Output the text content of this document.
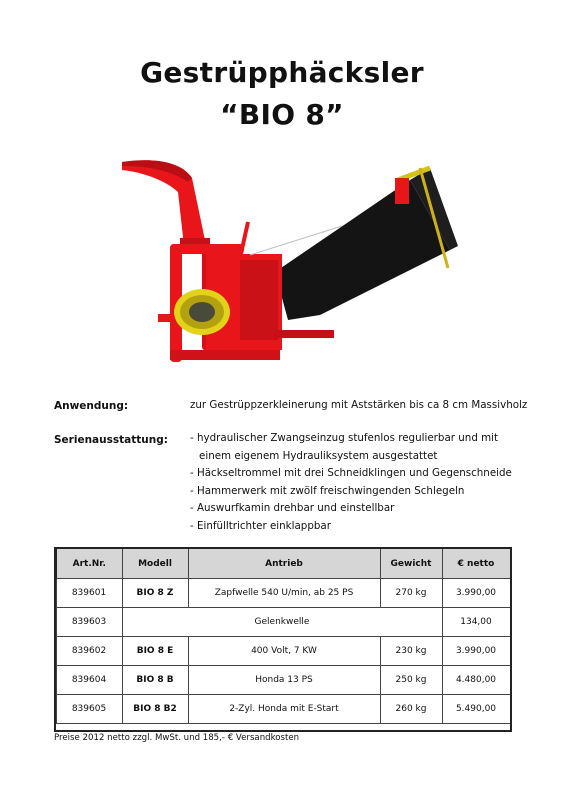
Gestrüpphäcksler
“BIO 8”
Anwendung:	zur Gestrüppzerkleinerung mit Aststärken bis ca 8 cm Massivholz
Serienausstattung: - hydraulischer Zwangseinzug stufenlos regulierbar und mit
einem eigenem Hydrauliksystem ausgestattet
- Häckseltrommel mit drei Schneidklingen und Gegenschneide
- Hammerwerk mit zwölf freischwingenden Schlegeln
- Auswurfkamin drehbar und einstellbar
- Einfülltrichter einklappbar
Art.Nr.	Modell	Antrieb	Gewicht	€ netto
839601	BIO 8 Z	Zapfwelle 540 U/min, ab 25 PS	270 kg	3.990,00
839603	Gelenkwelle			134,00
839602	BIO 8 E	400 Volt, 7 KW	230 kg	3.990,00
839604	BIO 8 B	Honda 13 PS	250 kg	4.480,00
839605	BIO 8 B2	2-Zyl. Honda mit E-Start	260 kg	5.490,00
Preise 2012 netto zzgl. MwSt. und 185,- € Versandkosten
